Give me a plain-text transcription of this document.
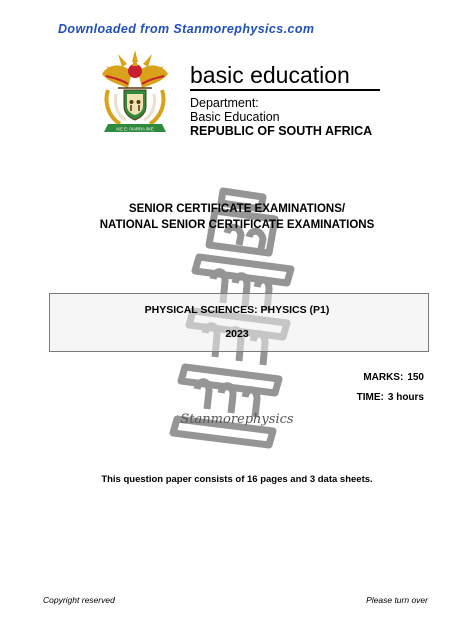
Downloaded from Stanmorephysics.com
!KE E: /XARRA //KE
basic education
Department:
Basic Education
REPUBLIC OF SOUTH AFRICA
Stanmorephysics
SENIOR CERTIFICATE EXAMINATIONS/
NATIONAL SENIOR CERTIFICATE EXAMINATIONS
PHYSICAL SCIENCES: PHYSICS (P1)
2023
MARKS: 150
TIME: 3 hours
This question paper consists of 16 pages and 3 data sheets.
Copyright reserved	Please turn over
